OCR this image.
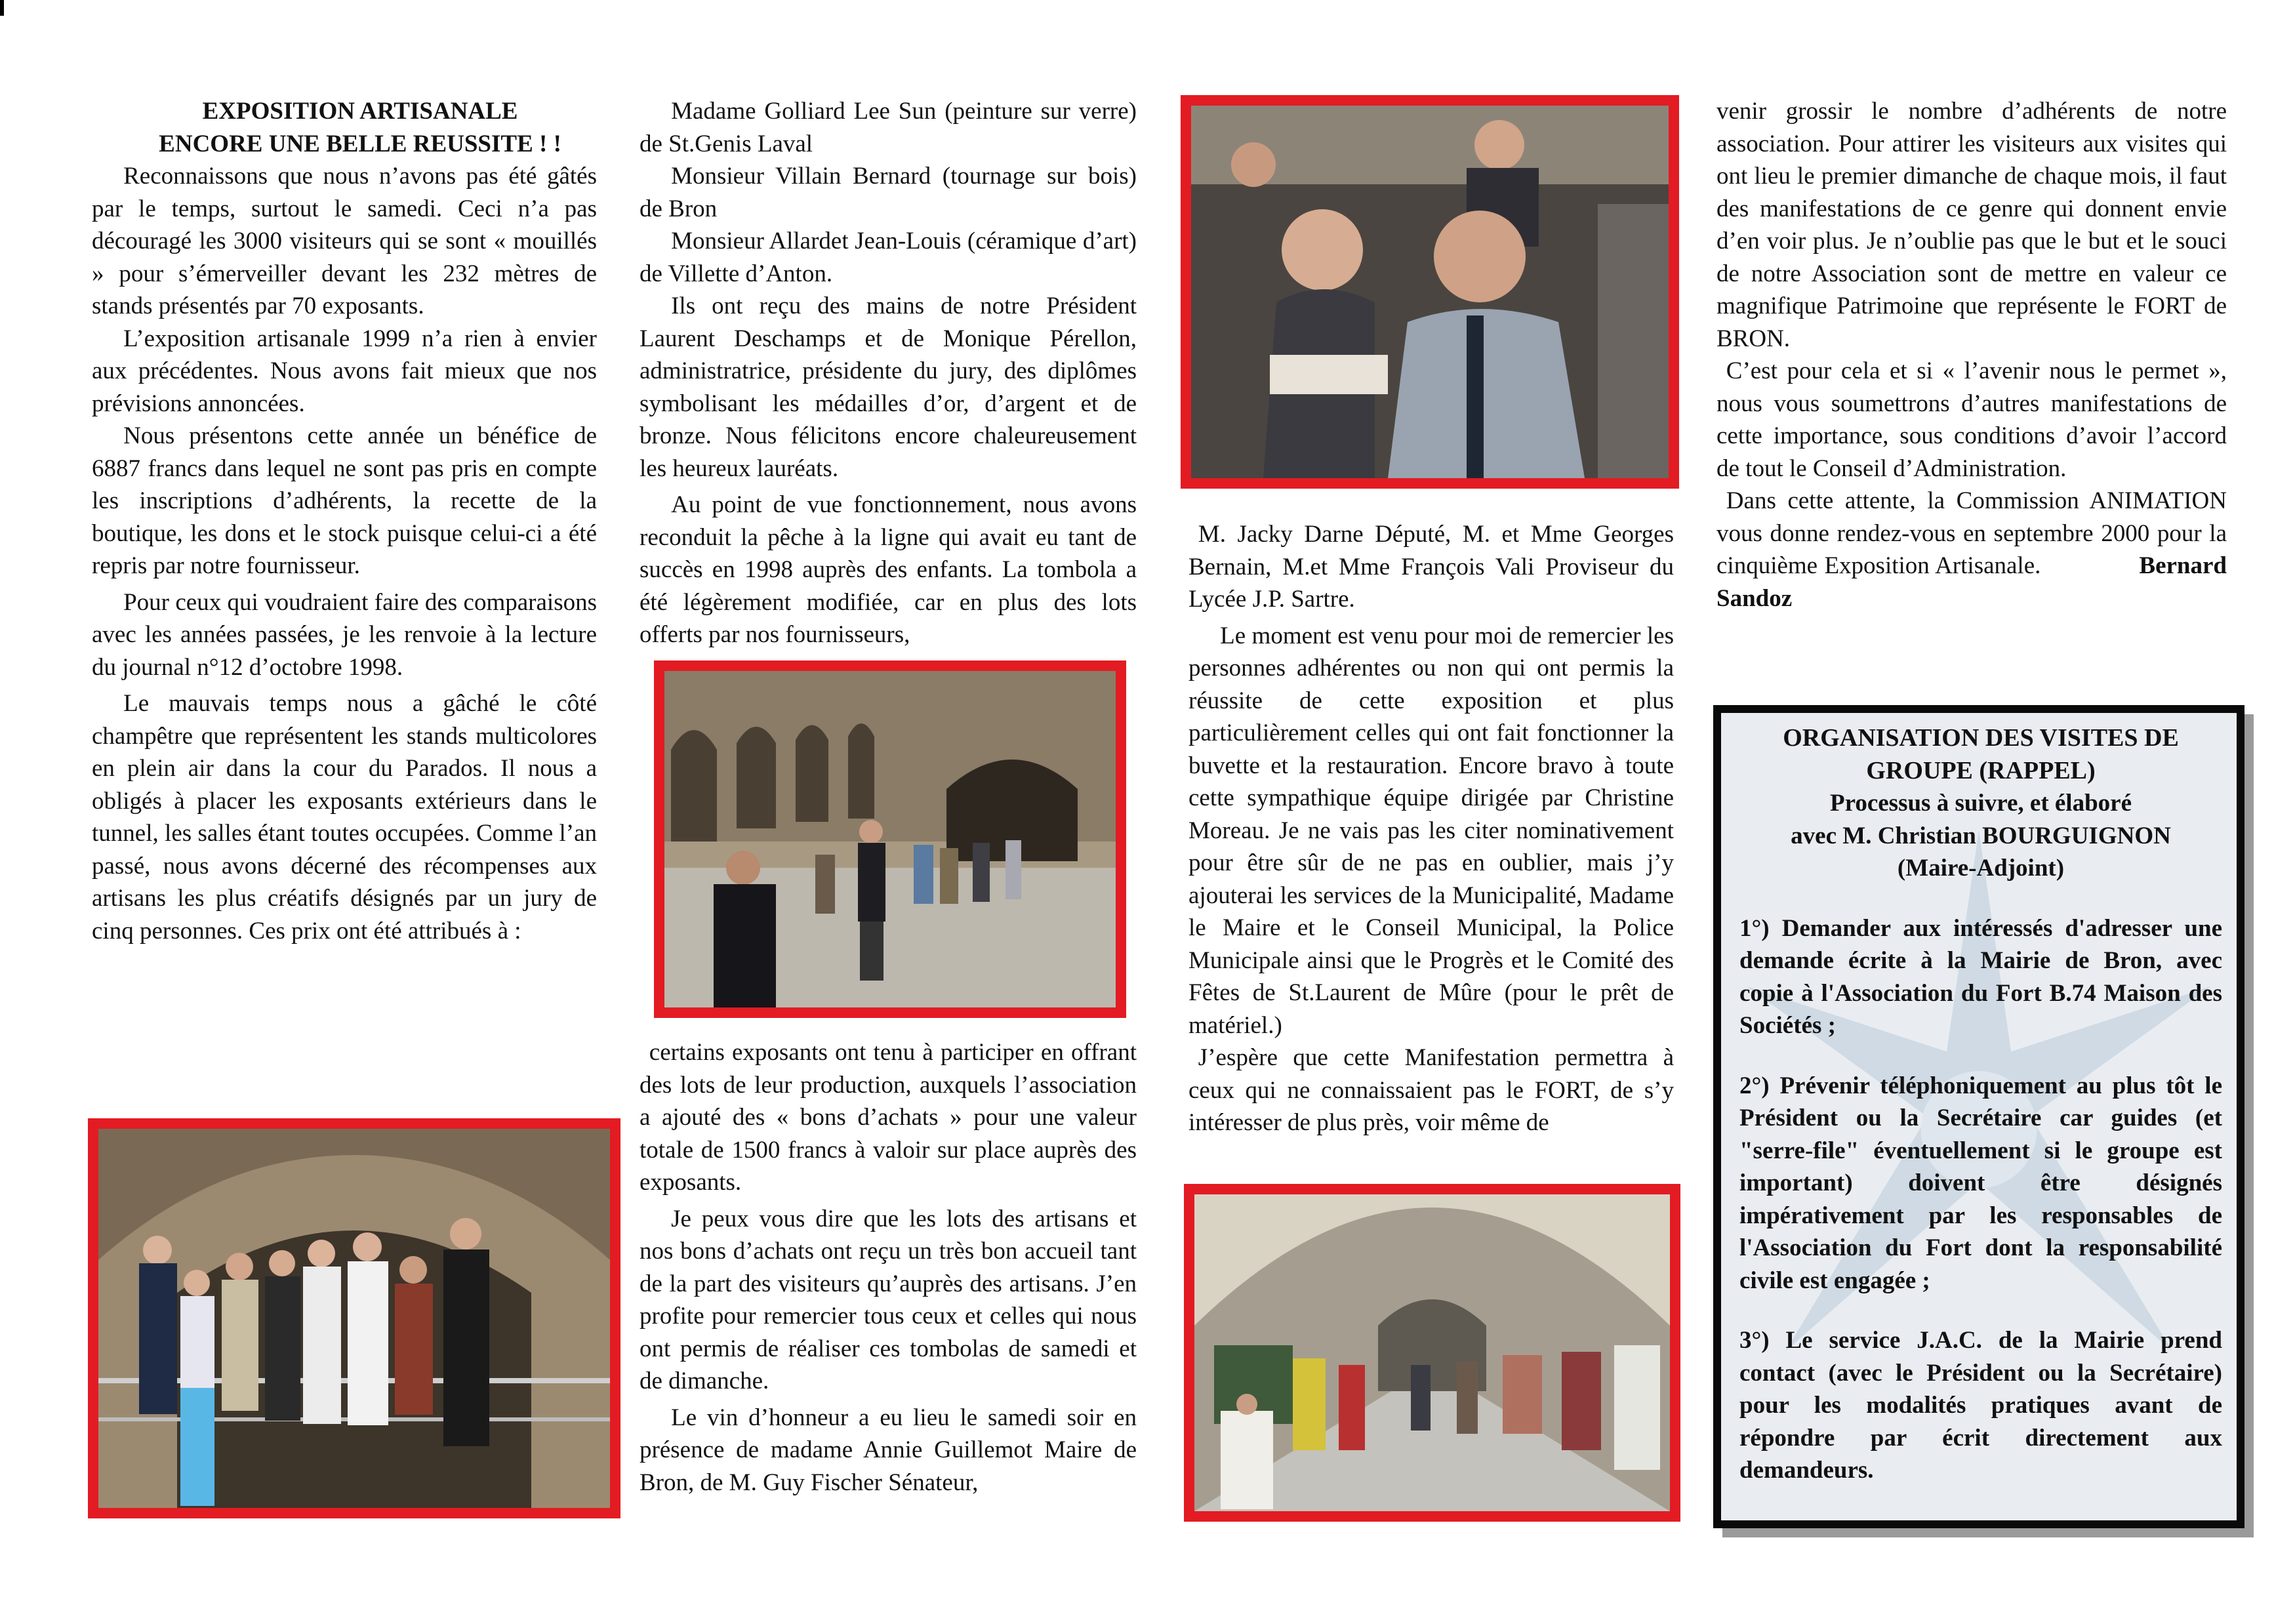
EXPOSITION ARTISANALE

ENCORE UNE BELLE REUSSITE ! !

Reconnaissons que nous n’avons pas été gâtés par le temps, surtout le samedi. Ceci n’a pas découragé les 3000 visiteurs qui se sont « mouillés » pour s’émerveiller devant les 232 mètres de stands présentés par 70 exposants.

L’exposition artisanale 1999 n’a rien à envier aux précédentes. Nous avons fait mieux que nos prévisions annoncées.

Nous présentons cette année un bénéfice de 6887 francs dans lequel ne sont pas pris en compte les inscriptions d’adhérents, la recette de la boutique, les dons et le stock puisque celui-ci a été repris par notre fournisseur.

Pour ceux qui voudraient faire des comparaisons avec les années passées, je les renvoie à la lecture du journal n°12 d’octobre 1998.

Le mauvais temps nous a gâché le côté champêtre que représentent les stands multicolores en plein air dans la cour du Parados. Il nous a obligés à placer les exposants extérieurs dans le tunnel, les salles étant toutes occupées. Comme l’an passé, nous avons décerné des récompenses aux artisans les plus créatifs désignés par un jury de cinq personnes. Ces prix ont été attribués à :

Madame Golliard Lee Sun (peinture sur verre) de St.Genis Laval

Monsieur Villain Bernard (tournage sur bois) de Bron

Monsieur Allardet Jean-Louis (céramique d’art) de Villette d’Anton.

Ils ont reçu des mains de notre Président Laurent Deschamps et de Monique Pérellon, administratrice, présidente du jury, des diplômes symbolisant les médailles d’or, d’argent et de bronze. Nous félicitons encore chaleureusement les heureux lauréats.

Au point de vue fonctionnement, nous avons reconduit la pêche à la ligne qui avait eu tant de succès en 1998 auprès des enfants. La tombola a été légèrement modifiée, car en plus des lots offerts par nos fournisseurs,

certains exposants ont tenu à participer en offrant des lots de leur production, auxquels l’association a ajouté des « bons d’achats » pour une valeur totale de 1500 francs à valoir sur place auprès des exposants.

Je peux vous dire que les lots des artisans et nos bons d’achats ont reçu un très bon accueil tant de la part des visiteurs qu’auprès des artisans. J’en profite pour remercier tous ceux et celles qui nous ont permis de réaliser ces tombolas de samedi et de dimanche.

Le vin d’honneur a eu lieu le samedi soir en présence de madame Annie Guillemot Maire de Bron, de M. Guy Fischer Sénateur,

M. Jacky Darne Député, M. et Mme Georges Bernain, M.et Mme François Vali Proviseur du Lycée J.P. Sartre.

Le moment est venu pour moi de remercier les personnes adhérentes ou non qui ont permis la réussite de cette exposition et plus particulièrement celles qui ont fait fonctionner la buvette et la restauration. Encore bravo à toute cette sympathique équipe dirigée par Christine Moreau. Je ne vais pas les citer nominativement pour être sûr de ne pas en oublier, mais j’y ajouterai les services de la Municipalité, Madame le Maire et le Conseil Municipal, la Police Municipale ainsi que le Progrès et le Comité des Fêtes de St.Laurent de Mûre (pour le prêt de matériel.)

J’espère que cette Manifestation permettra à ceux qui ne connaissaient pas le FORT, de s’y intéresser de plus près, voir même de

venir grossir le nombre d’adhérents de notre association. Pour attirer les visiteurs aux visites qui ont lieu le premier dimanche de chaque mois, il faut des manifestations de ce genre qui donnent envie d’en voir plus. Je n’oublie pas que le but et le souci de notre Association sont de mettre en valeur ce magnifique Patrimoine que représente le FORT de BRON.

C’est pour cela et si « l’avenir nous le permet », nous vous soumettrons d’autres manifestations de cette importance, sous conditions d’avoir l’accord de tout le Conseil d’Administration.

Dans cette attente, la Commission ANIMATION vous donne rendez-vous en septembre 2000 pour la cinquième Exposition Artisanale.	Bernard Sandoz

ORGANISATION DES VISITES DE GROUPE (RAPPEL)
Processus à suivre, et élaboré
avec M. Christian BOURGUIGNON
(Maire-Adjoint)

1°) Demander aux intéressés d'adresser une demande écrite à la Mairie de Bron, avec copie à l'Association du Fort B.74 Maison des Sociétés ;

2°) Prévenir téléphoniquement au plus tôt le Président ou la Secrétaire car guides (et "serre-file" éventuellement si le groupe est important) doivent être désignés impérativement par les responsables de l'Association du Fort dont la responsabilité civile est engagée ;

3°) Le service J.A.C. de la Mairie prend contact (avec le Président ou la Secrétaire) pour les modalités pratiques avant de répondre par écrit directement aux demandeurs.
